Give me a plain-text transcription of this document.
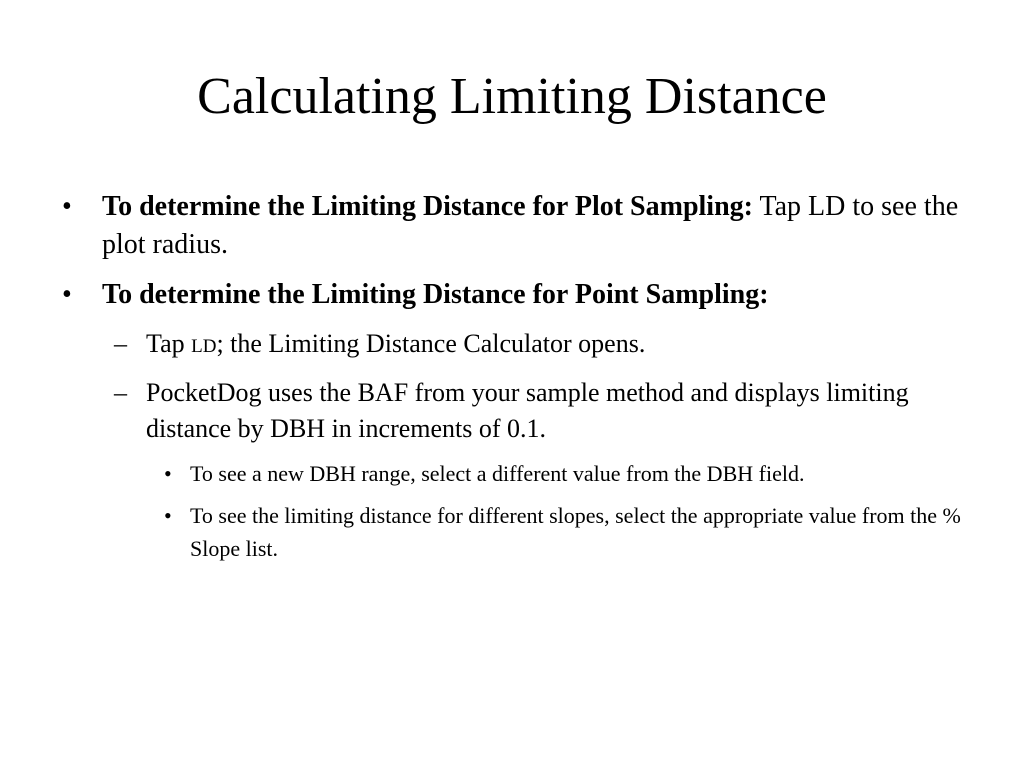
Calculating Limiting Distance
• To determine the Limiting Distance for Plot Sampling: Tap LD to see the plot radius.
• To determine the Limiting Distance for Point Sampling:
– Tap LD; the Limiting Distance Calculator opens.
– PocketDog uses the BAF from your sample method and displays limiting distance by DBH in increments of 0.1.
• To see a new DBH range, select a different value from the DBH field.
• To see the limiting distance for different slopes, select the appropriate value from the % Slope list.
